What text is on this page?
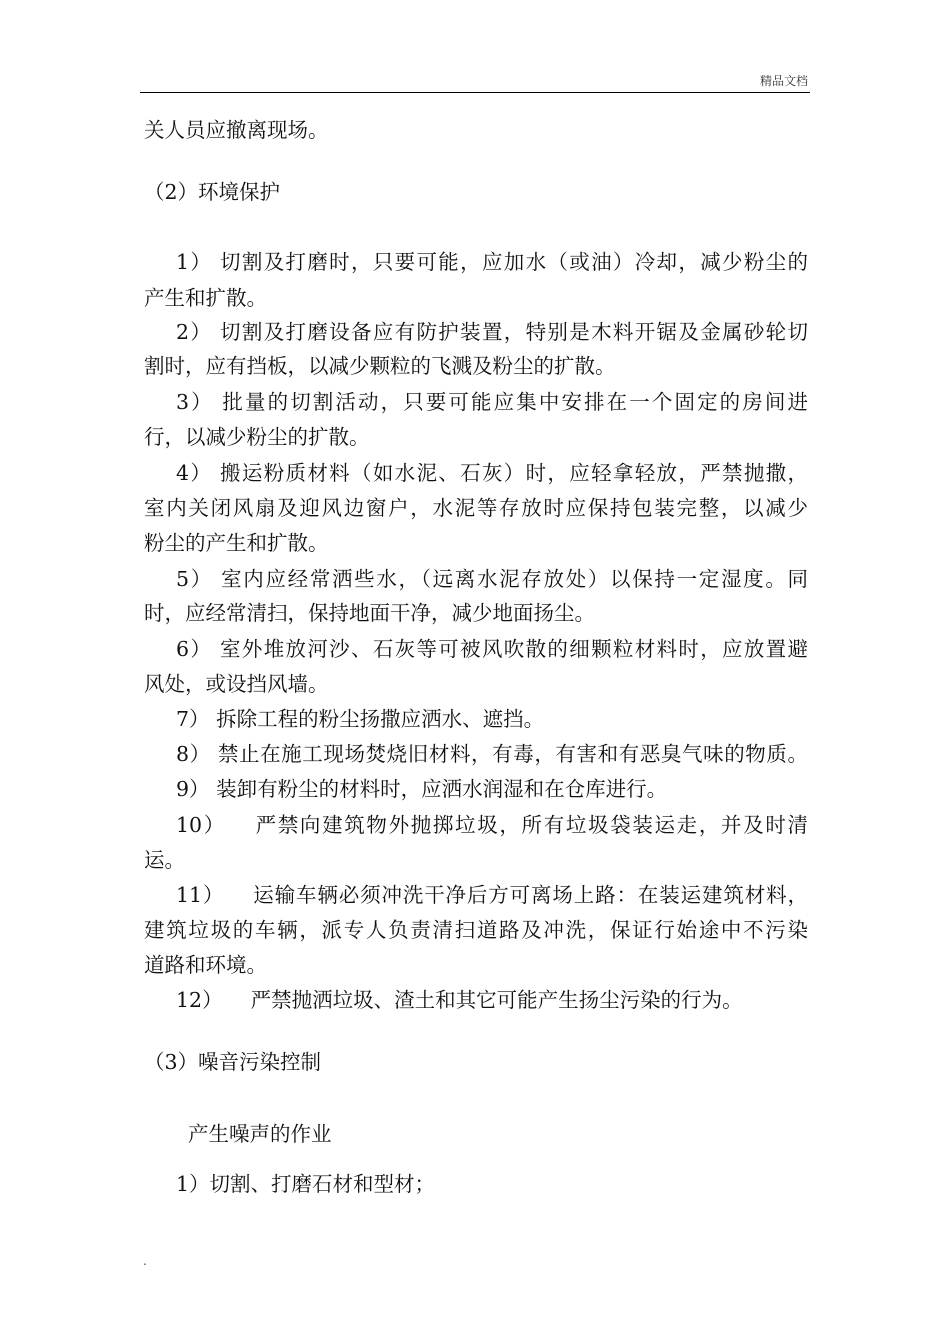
精品文档
关人员应撤离现场。
（2）环境保护
1） 切割及打磨时，只要可能，应加水（或油）冷却，减少粉尘的
产生和扩散。
2） 切割及打磨设备应有防护装置，特别是木料开锯及金属砂轮切
割时，应有挡板，以减少颗粒的飞溅及粉尘的扩散。
3） 批量的切割活动，只要可能应集中安排在一个固定的房间进
行，以减少粉尘的扩散。
4） 搬运粉质材料（如水泥、石灰）时，应轻拿轻放，严禁抛撒，
室内关闭风扇及迎风边窗户，水泥等存放时应保持包装完整，以减少
粉尘的产生和扩散。
5） 室内应经常洒些水，（远离水泥存放处）以保持一定湿度。同
时，应经常清扫，保持地面干净，减少地面扬尘。
6） 室外堆放河沙、石灰等可被风吹散的细颗粒材料时，应放置避
风处，或设挡风墙。
7） 拆除工程的粉尘扬撒应洒水、遮挡。
8） 禁止在施工现场焚烧旧材料，有毒，有害和有恶臭气味的物质。
9） 装卸有粉尘的材料时，应洒水润湿和在仓库进行。
10） 严禁向建筑物外抛掷垃圾，所有垃圾袋装运走，并及时清
运。
11） 运输车辆必须冲洗干净后方可离场上路：在装运建筑材料，
建筑垃圾的车辆，派专人负责清扫道路及冲洗，保证行始途中不污染
道路和环境。
12） 严禁抛洒垃圾、渣土和其它可能产生扬尘污染的行为。
（3）噪音污染控制
产生噪声的作业
1）切割、打磨石材和型材；
.
